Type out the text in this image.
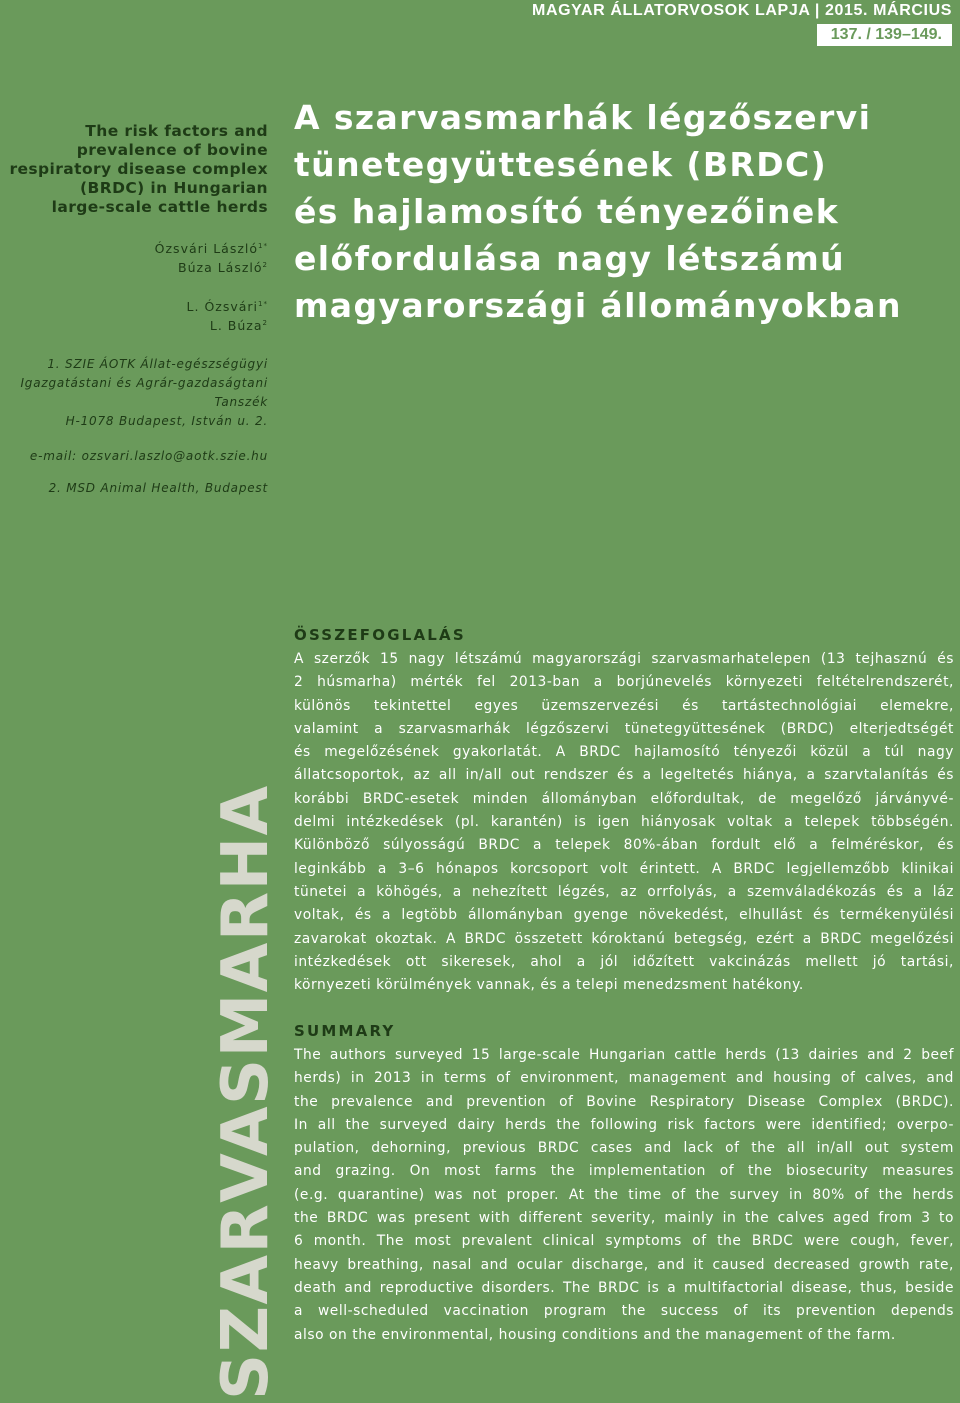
MAGYAR ÁLLATORVOSOK LAPJA | 2015. MÁRCIUS
137. / 139–149.
The risk factors and
prevalence of bovine
respiratory disease complex
(BRDC) in Hungarian
large-scale cattle herds
Ózsvári László$^{1*}$
Búza László$^2$
L. Ózsvári$^{1*}$
L. Búza$^2$
1. SZIE ÁOTK Állat-egészségügyi
Igazgatástani és Agrár-gazdaságtani
Tanszék
H-1078 Budapest, István u. 2.
e-mail: ozsvari.laszlo@aotk.szie.hu
2. MSD Animal Health, Budapest
A szarvasmarhák légzőszervi
tünetegyüttesének (BRDC)
és hajlamosító tényezőinek
előfordulása nagy létszámú
magyarországi állományokban
SZARVASMARHA
ÖSSZEFOGLALÁS
A szerzők 15 nagy létszámú magyarországi szarvasmarhatelepen (13 tejhasznú és
2 húsmarha) mérték fel 2013-ban a borjúnevelés környezeti feltételrendszerét,
különös tekintettel egyes üzemszervezési és tartástechnológiai elemekre,
valamint a szarvasmarhák légzőszervi tünetegyüttesének (BRDC) elterjedtségét
és megelőzésének gyakorlatát. A BRDC hajlamosító tényezői közül a túl nagy
állatcsoportok, az all in/all out rendszer és a legeltetés hiánya, a szarvtalanítás és
korábbi BRDC-esetek minden állományban előfordultak, de megelőző járványvé-
delmi intézkedések (pl. karantén) is igen hiányosak voltak a telepek többségén.
Különböző súlyosságú BRDC a telepek 80%-ában fordult elő a felméréskor, és
leginkább a 3–6 hónapos korcsoport volt érintett. A BRDC legjellemzőbb klinikai
tünetei a köhögés, a nehezített légzés, az orrfolyás, a szemváladékozás és a láz
voltak, és a legtöbb állományban gyenge növekedést, elhullást és termékenyülési
zavarokat okoztak. A BRDC összetett kóroktanú betegség, ezért a BRDC megelőzési
intézkedések ott sikeresek, ahol a jól időzített vakcinázás mellett jó tartási,
környezeti körülmények vannak, és a telepi menedzsment hatékony.
SUMMARY
The authors surveyed 15 large-scale Hungarian cattle herds (13 dairies and 2 beef
herds) in 2013 in terms of environment, management and housing of calves, and
the prevalence and prevention of Bovine Respiratory Disease Complex (BRDC).
In all the surveyed dairy herds the following risk factors were identified; overpo-
pulation, dehorning, previous BRDC cases and lack of the all in/all out system
and grazing. On most farms the implementation of the biosecurity measures
(e.g. quarantine) was not proper. At the time of the survey in 80% of the herds
the BRDC was present with different severity, mainly in the calves aged from 3 to
6 month. The most prevalent clinical symptoms of the BRDC were cough, fever,
heavy breathing, nasal and ocular discharge, and it caused decreased growth rate,
death and reproductive disorders. The BRDC is a multifactorial disease, thus, beside
a well-scheduled vaccination program the success of its prevention depends
also on the environmental, housing conditions and the management of the farm.
